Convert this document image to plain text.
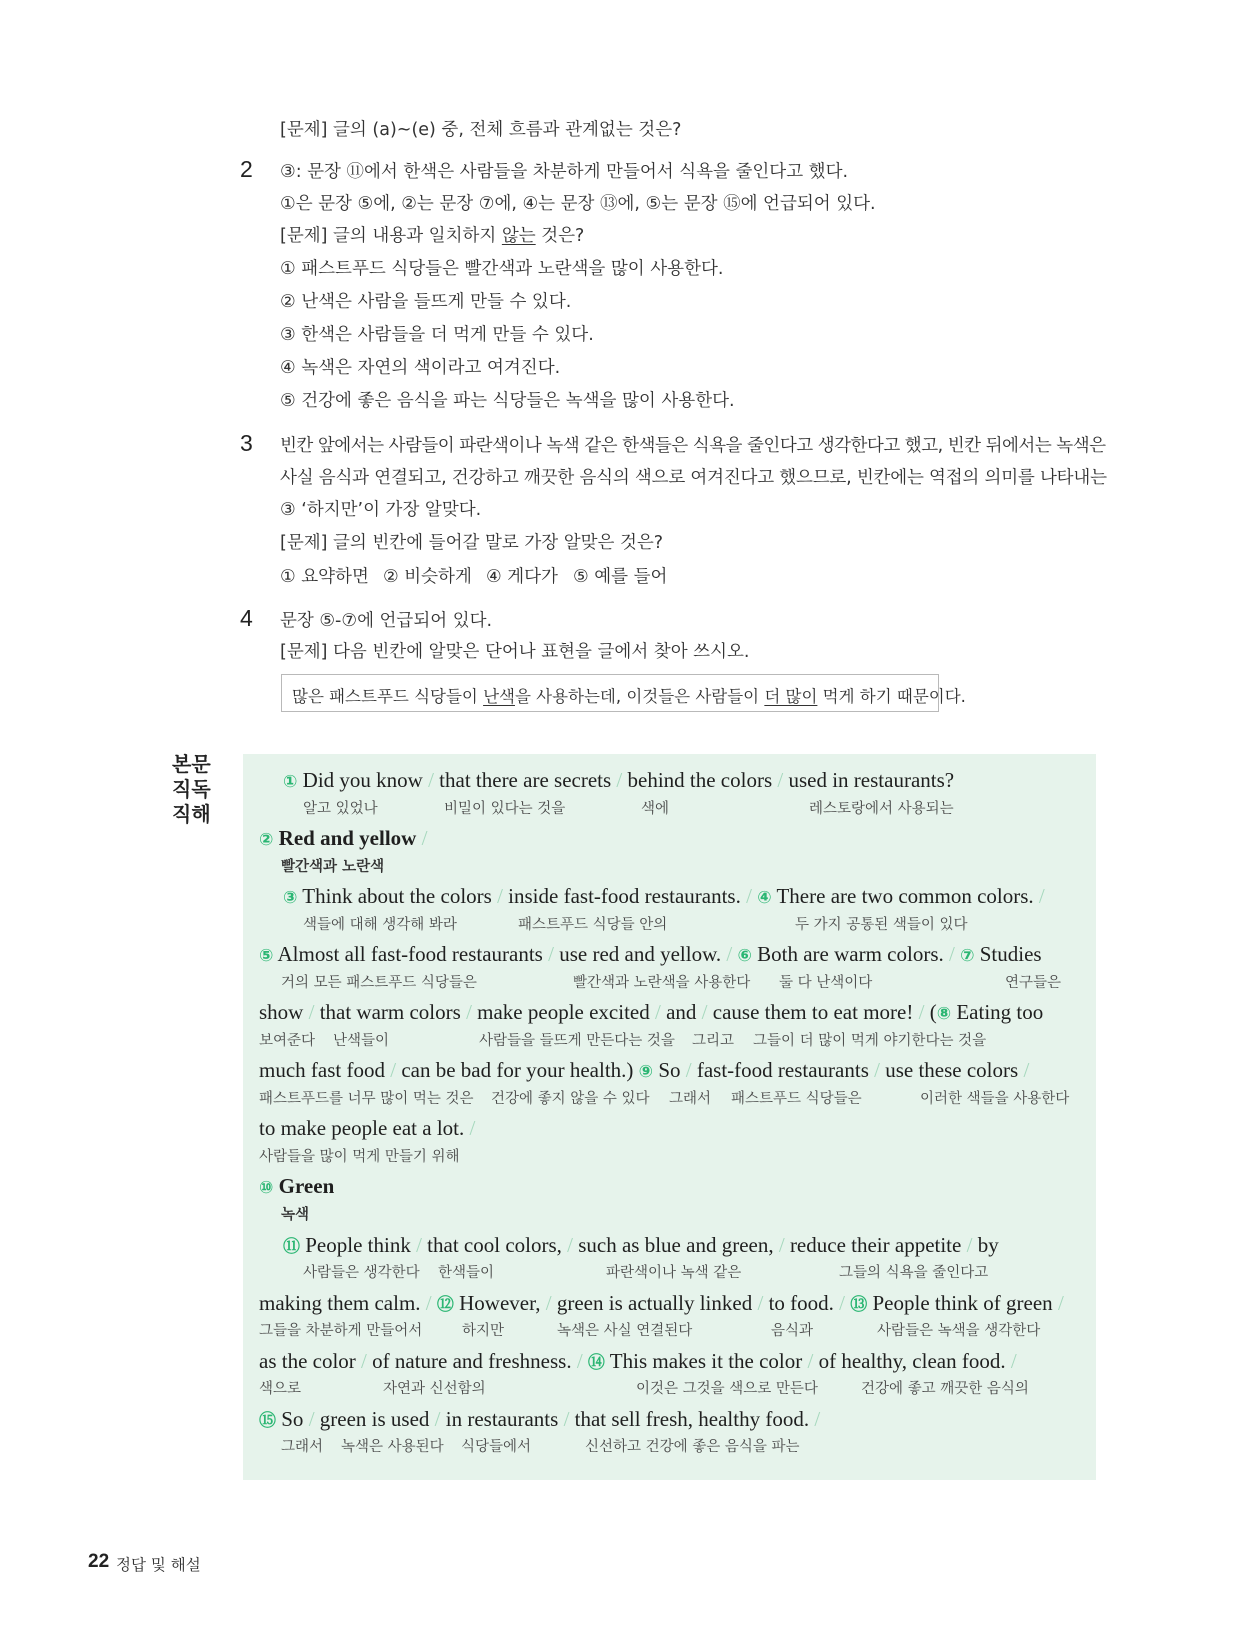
[문제] 글의 (a)~(e) 중, 전체 흐름과 관계없는 것은?
2 ③: 문장 ⑪에서 한색은 사람들을 차분하게 만들어서 식욕을 줄인다고 했다.
①은 문장 ⑤에, ②는 문장 ⑦에, ④는 문장 ⑬에, ⑤는 문장 ⑮에 언급되어 있다.
[문제] 글의 내용과 일치하지 않는 것은?
① 패스트푸드 식당들은 빨간색과 노란색을 많이 사용한다.
② 난색은 사람을 들뜨게 만들 수 있다.
③ 한색은 사람들을 더 먹게 만들 수 있다.
④ 녹색은 자연의 색이라고 여겨진다.
⑤ 건강에 좋은 음식을 파는 식당들은 녹색을 많이 사용한다.
3 빈칸 앞에서는 사람들이 파란색이나 녹색 같은 한색들은 식욕을 줄인다고 생각한다고 했고, 빈칸 뒤에서는 녹색은
사실 음식과 연결되고, 건강하고 깨끗한 음식의 색으로 여겨진다고 했으므로, 빈칸에는 역접의 의미를 나타내는
③ ‘하지만’이 가장 알맞다.
[문제] 글의 빈칸에 들어갈 말로 가장 알맞은 것은?
① 요약하면 ② 비슷하게 ④ 게다가 ⑤ 예를 들어
4 문장 ⑤-⑦에 언급되어 있다.
[문제] 다음 빈칸에 알맞은 단어나 표현을 글에서 찾아 쓰시오.
많은 패스트푸드 식당들이 난색을 사용하는데, 이것들은 사람들이 더 많이 먹게 하기 때문이다.
본문
직독
직해
① Did you know / that there are secrets / behind the colors / used in restaurants?
알고 있었나	비밀이 있다는 것을	색에	레스토랑에서 사용되는
② Red and yellow /
빨간색과 노란색
③ Think about the colors / inside fast-food restaurants. / ④ There are two common colors. /
색들에 대해 생각해 봐라	패스트푸드 식당들 안의	두 가지 공통된 색들이 있다
⑤ Almost all fast-food restaurants / use red and yellow. / ⑥ Both are warm colors. / ⑦ Studies
거의 모든 패스트푸드 식당들은	빨간색과 노란색을 사용한다 둘 다 난색이다	연구들은
show / that warm colors / make people excited / and / cause them to eat more! / (⑧ Eating too
보여준다 난색들이	사람들을 들뜨게 만든다는 것을 그리고 그들이 더 많이 먹게 야기한다는 것을
much fast food / can be bad for your health.) ⑨ So / fast-food restaurants / use these colors /
패스트푸드를 너무 많이 먹는 것은 건강에 좋지 않을 수 있다 그래서 패스트푸드 식당들은	이러한 색들을 사용한다
to make people eat a lot. /
사람들을 많이 먹게 만들기 위해
⑩ Green
녹색
⑪ People think / that cool colors, / such as blue and green, / reduce their appetite / by
사람들은 생각한다 한색들이	파란색이나 녹색 같은	그들의 식욕을 줄인다고
making them calm. / ⑫ However, / green is actually linked / to food. / ⑬ People think of green /
그들을 차분하게 만들어서	하지만	녹색은 사실 연결된다	음식과	사람들은 녹색을 생각한다
as the color / of nature and freshness. / ⑭ This makes it the color / of healthy, clean food. /
색으로	자연과 신선함의	이것은 그것을 색으로 만든다	건강에 좋고 깨끗한 음식의
⑮ So / green is used / in restaurants / that sell fresh, healthy food. /
그래서 녹색은 사용된다 식당들에서	신선하고 건강에 좋은 음식을 파는
22 정답 및 해설
